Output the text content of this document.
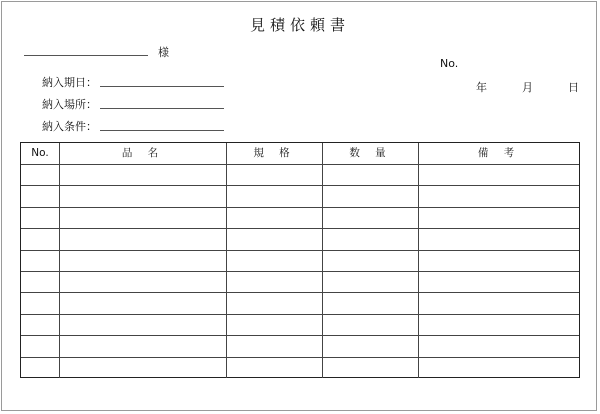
見積依頼書
様
No.
年	月	日
納入期日：
納入場所：
納入条件：
No.	品 名	規 格	数 量	備 考
